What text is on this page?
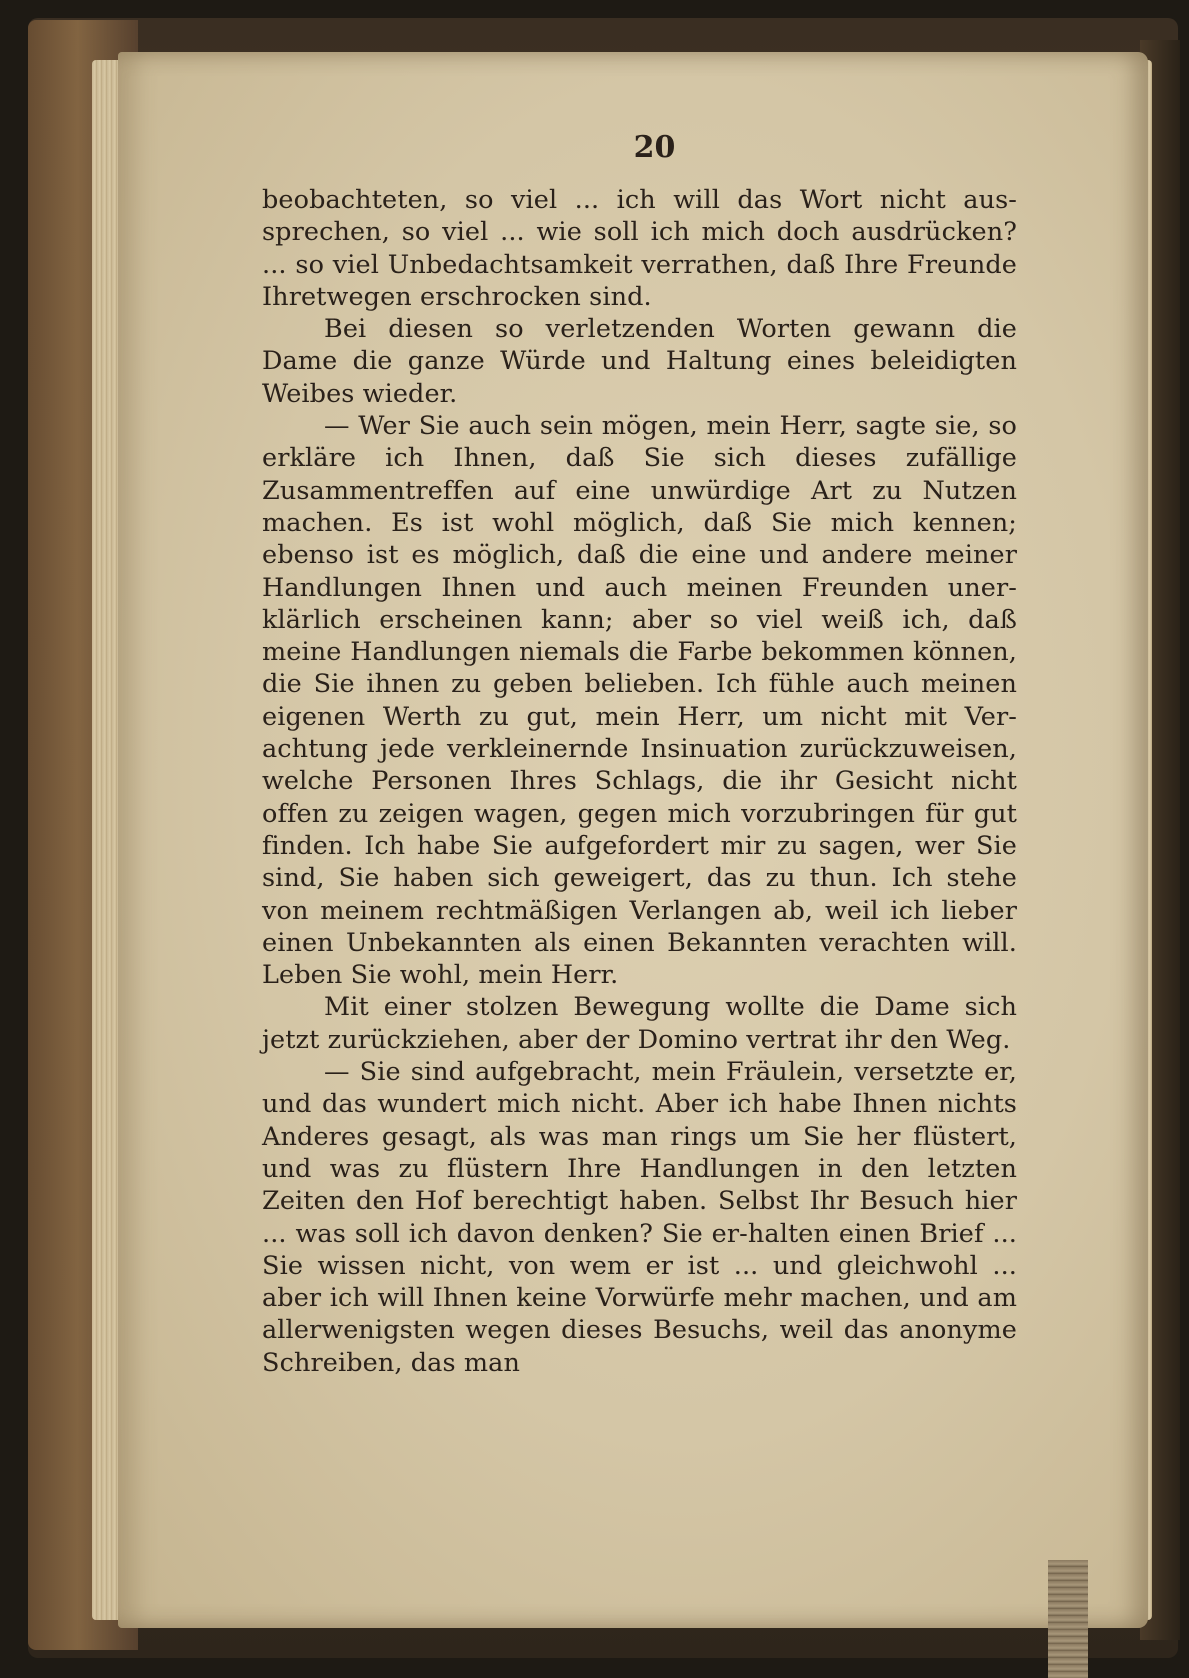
20

beobachteten, so viel ... ich will das Wort nicht aus-sprechen, so viel ... wie soll ich mich doch ausdrücken? ... so viel Unbedachtsamkeit verrathen, daß Ihre Freunde Ihretwegen erschrocken sind.

Bei diesen so verletzenden Worten gewann die Dame die ganze Würde und Haltung eines beleidigten Weibes wieder.

— Wer Sie auch sein mögen, mein Herr, sagte sie, so erkläre ich Ihnen, daß Sie sich dieses zufällige Zusammentreffen auf eine unwürdige Art zu Nutzen machen. Es ist wohl möglich, daß Sie mich kennen; ebenso ist es möglich, daß die eine und andere meiner Handlungen Ihnen und auch meinen Freunden uner-klärlich erscheinen kann; aber so viel weiß ich, daß meine Handlungen niemals die Farbe bekommen können, die Sie ihnen zu geben belieben. Ich fühle auch meinen eigenen Werth zu gut, mein Herr, um nicht mit Ver-achtung jede verkleinernde Insinuation zurückzuweisen, welche Personen Ihres Schlags, die ihr Gesicht nicht offen zu zeigen wagen, gegen mich vorzubringen für gut finden. Ich habe Sie aufgefordert mir zu sagen, wer Sie sind, Sie haben sich geweigert, das zu thun. Ich stehe von meinem rechtmäßigen Verlangen ab, weil ich lieber einen Unbekannten als einen Bekannten verachten will. Leben Sie wohl, mein Herr.

Mit einer stolzen Bewegung wollte die Dame sich jetzt zurückziehen, aber der Domino vertrat ihr den Weg.

— Sie sind aufgebracht, mein Fräulein, versetzte er, und das wundert mich nicht. Aber ich habe Ihnen nichts Anderes gesagt, als was man rings um Sie her flüstert, und was zu flüstern Ihre Handlungen in den letzten Zeiten den Hof berechtigt haben. Selbst Ihr Besuch hier ... was soll ich davon denken? Sie er-halten einen Brief ... Sie wissen nicht, von wem er ist ... und gleichwohl ... aber ich will Ihnen keine Vorwürfe mehr machen, und am allerwenigsten wegen dieses Besuchs, weil das anonyme Schreiben, das man
